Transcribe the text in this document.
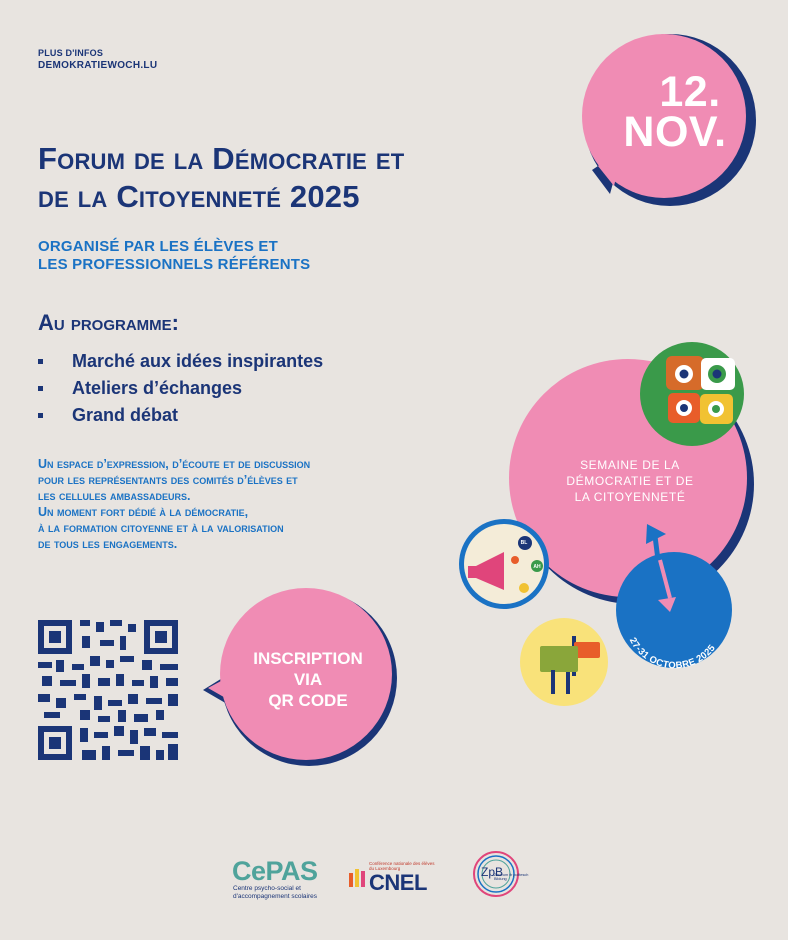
PLUS D'INFOS
DEMOKRATIEWOCH.LU
12.
NOV.
Forum de la Démocratie et
de la Citoyenneté 2025
ORGANISÉ PAR LES ÉLÈVES ET
LES PROFESSIONNELS RÉFÉRENTS
Au programme:
Marché aux idées inspirantes
Ateliers d’échanges
Grand débat
Un espace d’expression, d’écoute et de discussion
pour les représentants des comités d’élèves et
les cellules ambassadeurs.
Un moment fort dédié à la démocratie,
à la formation citoyenne et à la valorisation
de tous les engagements.
INSCRIPTION
VIA
QR CODE
SEMAINE DE LA
DÉMOCRATIE ET DE
LA CITOYENNETÉ
27-31 OCTOBRE 2025
BL
AH
CePAS
Centre psycho-social et d'accompagnement scolaires
Conférence nationale des élèves du Luxembourg
CNEL	ZpB
Zentrum fir politesch Bildung
